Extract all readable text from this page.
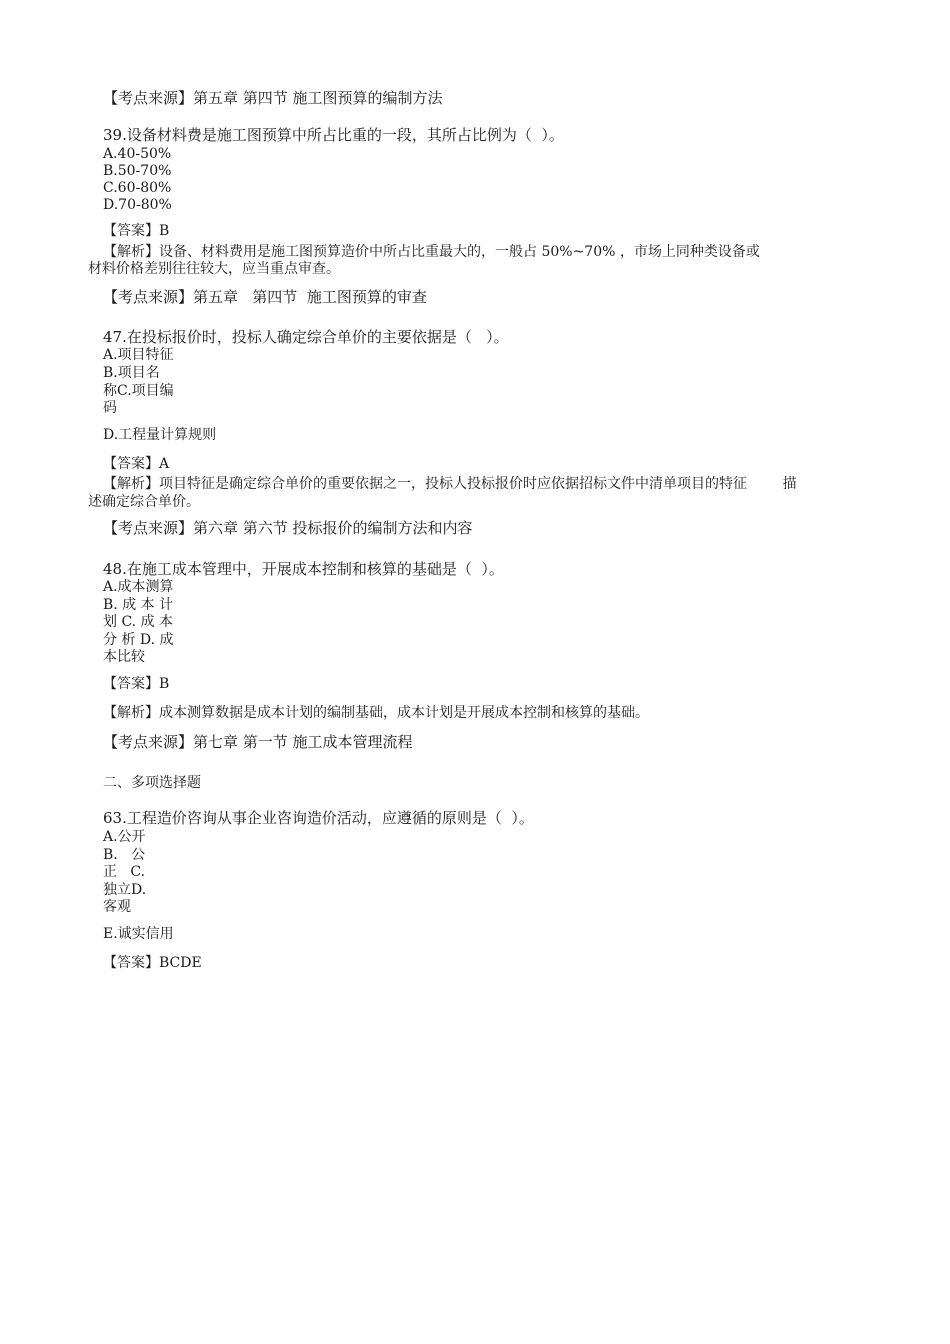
【考点来源】第五章 第四节 施工图预算的编制方法
39.设备材料费是施工图预算中所占比重的一段，其所占比例为（  ）。
A.40-50%
B.50-70%
C.60-80%
D.70-80%
【答案】B
【解析】设备、材料费用是施工图预算造价中所占比重最大的，一般占 50%~70% ，市场上同种类设备或
材料价格差别往往较大，应当重点审查。
【考点来源】第五章   第四节  施工图预算的审查
47.在投标报价时，投标人确定综合单价的主要依据是（   ）。
A.项目特征
B.项目名
称C.项目编
码
D.工程量计算规则
【答案】A
【解析】项目特征是确定综合单价的重要依据之一，投标人投标报价时应依据招标文件中清单项目的特征        描
述确定综合单价。
【考点来源】第六章 第六节 投标报价的编制方法和内容
48.在施工成本管理中，开展成本控制和核算的基础是（  ）。
A.成本测算
B. 成 本 计
划 C. 成 本
分 析 D. 成
本比较
【答案】B
【解析】成本测算数据是成本计划的编制基础，成本计划是开展成本控制和核算的基础。
【考点来源】第七章 第一节 施工成本管理流程
二、多项选择题
63.工程造价咨询从事企业咨询造价活动，应遵循的原则是（  ）。
A.公开
B.   公
正   C.
独立D.
客观
E.诚实信用
【答案】BCDE
